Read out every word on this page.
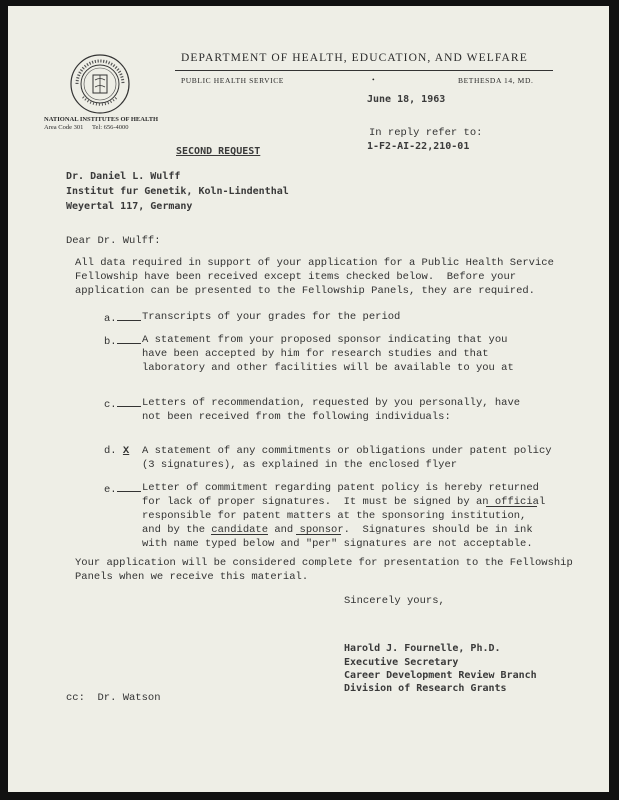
DEPARTMENT OF HEALTH, EDUCATION, AND WELFARE
PUBLIC HEALTH SERVICE	•	BETHESDA 14, MD.
NATIONAL INSTITUTES OF HEALTH
Area Code 301 Tel: 656-4000
June 18, 1963
In reply refer to:
1-F2-AI-22,210-01
SECOND REQUEST
Dr. Daniel L. Wulff
Institut fur Genetik, Koln-Lindenthal
Weyertal 117, Germany
Dear Dr. Wulff:
All data required in support of your application for a Public Health Service
Fellowship have been received except items checked below.  Before your
application can be presented to the Fellowship Panels, they are required.
a.	Transcripts of your grades for the period
b.	A statement from your proposed sponsor indicating that you
have been accepted by him for research studies and that
laboratory and other facilities will be available to you at
c.	Letters of recommendation, requested by you personally, have
not been received from the following individuals:
d. X A statement of any commitments or obligations under patent policy
(3 signatures), as explained in the enclosed flyer
e.	Letter of commitment regarding patent policy is hereby returned
for lack of proper signatures.  It must be signed by an official
responsible for patent matters at the sponsoring institution,
and by the candidate and sponsor.  Signatures should be in ink
with name typed below and "per" signatures are not acceptable.
Your application will be considered complete for presentation to the Fellowship
Panels when we receive this material.
Sincerely yours,
Harold J. Fournelle, Ph.D.
Executive Secretary
Career Development Review Branch
Division of Research Grants
cc:  Dr. Watson
